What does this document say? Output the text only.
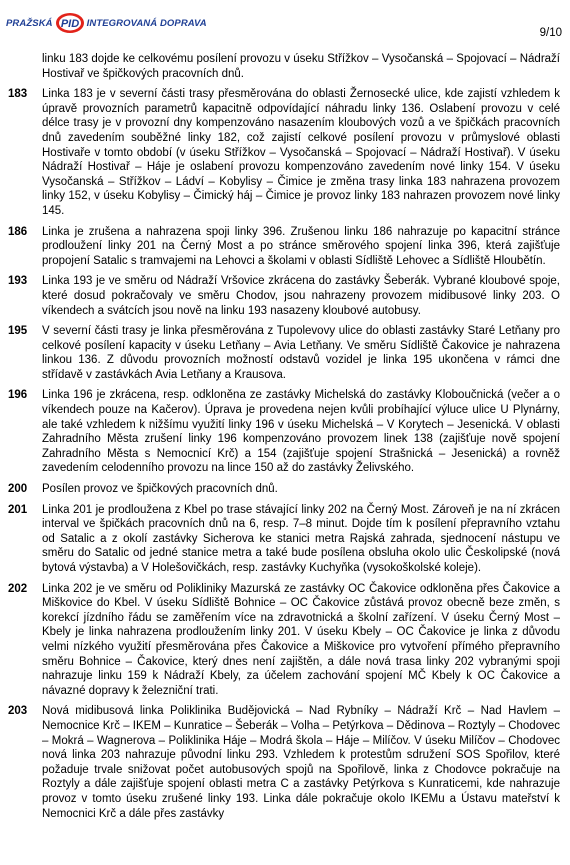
PRAŽSKÁ PID INTEGROVANÁ DOPRAVA
9/10
linku 183 dojde ke celkovému posílení provozu v úseku Střížkov – Vysočanská – Spojovací – Nádraží Hostivař ve špičkových pracovních dnů.
183	Linka 183 je v severní části trasy přesměrována do oblasti Žernosecké ulice, kde zajistí vzhledem k úpravě provozních parametrů kapacitně odpovídající náhradu linky 136. Oslabení provozu v celé délce trasy je v provozní dny kompenzováno nasazením kloubových vozů a ve špičkách pracovních dnů zavedením souběžné linky 182, což zajistí celkové posílení provozu v průmyslové oblasti Hostivaře v tomto období (v úseku Střížkov – Vysočanská – Spojovací – Nádraží Hostivař). V úseku Nádraží Hostivař – Háje je oslabení provozu kompenzováno zavedením nové linky 154. V úseku Vysočanská – Střížkov – Ládví – Kobylisy – Čimice je změna trasy linka 183 nahrazena provozem linky 152, v úseku Kobylisy – Čimický háj – Čimice je provoz linky 183 nahrazen provozem nové linky 145.
186	Linka je zrušena a nahrazena spoji linky 396. Zrušenou linku 186 nahrazuje po kapacitní stránce prodloužení linky 201 na Černý Most a po stránce směrového spojení linka 396, která zajišťuje propojení Satalic s tramvajemi na Lehovci a školami v oblasti Sídliště Lehovec a Sídliště Hloubětín.
193	Linka 193 je ve směru od Nádraží Vršovice zkrácena do zastávky Šeberák. Vybrané kloubové spoje, které dosud pokračovaly ve směru Chodov, jsou nahrazeny provozem midibusové linky 203. O víkendech a svátcích jsou nově na linku 193 nasazeny kloubové autobusy.
195	V severní části trasy je linka přesměrována z Tupolevovy ulice do oblasti zastávky Staré Letňany pro celkové posílení kapacity v úseku Letňany – Avia Letňany. Ve směru Sídliště Čakovice je nahrazena linkou 136. Z důvodu provozních možností odstavů vozidel je linka 195 ukončena v rámci dne střídavě v zastávkách Avia Letňany a Krausova.
196	Linka 196 je zkrácena, resp. odkloněna ze zastávky Michelská do zastávky Kloboučnická (večer a o víkendech pouze na Kačerov). Úprava je provedena nejen kvůli probíhající výluce ulice U Plynárny, ale také vzhledem k nižšímu využití linky 196 v úseku Michelská – V Korytech – Jesenická. V oblasti Zahradního Města zrušení linky 196 kompenzováno provozem linek 138 (zajišťuje nově spojení Zahradního Města s Nemocnicí Krč) a 154 (zajišťuje spojení Strašnická – Jesenická) a rovněž zavedením celodenního provozu na lince 150 až do zastávky Želivského.
200	Posílen provoz ve špičkových pracovních dnů.
201	Linka 201 je prodloužena z Kbel po trase stávající linky 202 na Černý Most. Zároveň je na ní zkrácen interval ve špičkách pracovních dnů na 6, resp. 7–8 minut. Dojde tím k posílení přepravního vztahu od Satalic a z okolí zastávky Sicherova ke stanici metra Rajská zahrada, sjednocení nástupu ve směru do Satalic od jedné stanice metra a také bude posílena obsluha okolo ulic Českolipské (nová bytová výstavba) a V Holešovičkách, resp. zastávky Kuchyňka (vysokoškolské koleje).
202	Linka 202 je ve směru od Polikliniky Mazurská ze zastávky OC Čakovice odkloněna přes Čakovice a Miškovice do Kbel. V úseku Sídliště Bohnice – OC Čakovice zůstává provoz obecně beze změn, s korekcí jízdního řádu se zaměřením více na zdravotnická a školní zařízení. V úseku Černý Most – Kbely je linka nahrazena prodloužením linky 201. V úseku Kbely – OC Čakovice je linka z důvodu velmi nízkého využití přesměrována přes Čakovice a Miškovice pro vytvoření přímého přepravního směru Bohnice – Čakovice, který dnes není zajištěn, a dále nová trasa linky 202 vybranými spoji nahrazuje linku 159 k Nádraží Kbely, za účelem zachování spojení MČ Kbely k OC Čakovice a návazné dopravy k železniční trati.
203	Nová midibusová linka Poliklinika Budějovická – Nad Rybníky – Nádraží Krč – Nad Havlem – Nemocnice Krč – IKEM – Kunratice – Šeberák – Volha – Petýrkova – Dědinova – Roztyly – Chodovec – Mokrá – Wagnerova – Poliklinika Háje – Modrá škola – Háje – Milíčov. V úseku Milíčov – Chodovec nová linka 203 nahrazuje původní linku 293. Vzhledem k protestům sdružení SOS Spořilov, které požaduje trvale snižovat počet autobusových spojů na Spořilově, linka z Chodovce pokračuje na Roztyly a dále zajišťuje spojení oblasti metra C a zastávky Petýrkova s Kunraticemi, kde nahrazuje provoz v tomto úseku zrušené linky 193. Linka dále pokračuje okolo IKEMu a Ústavu mateřství k Nemocnici Krč a dále přes zastávky
